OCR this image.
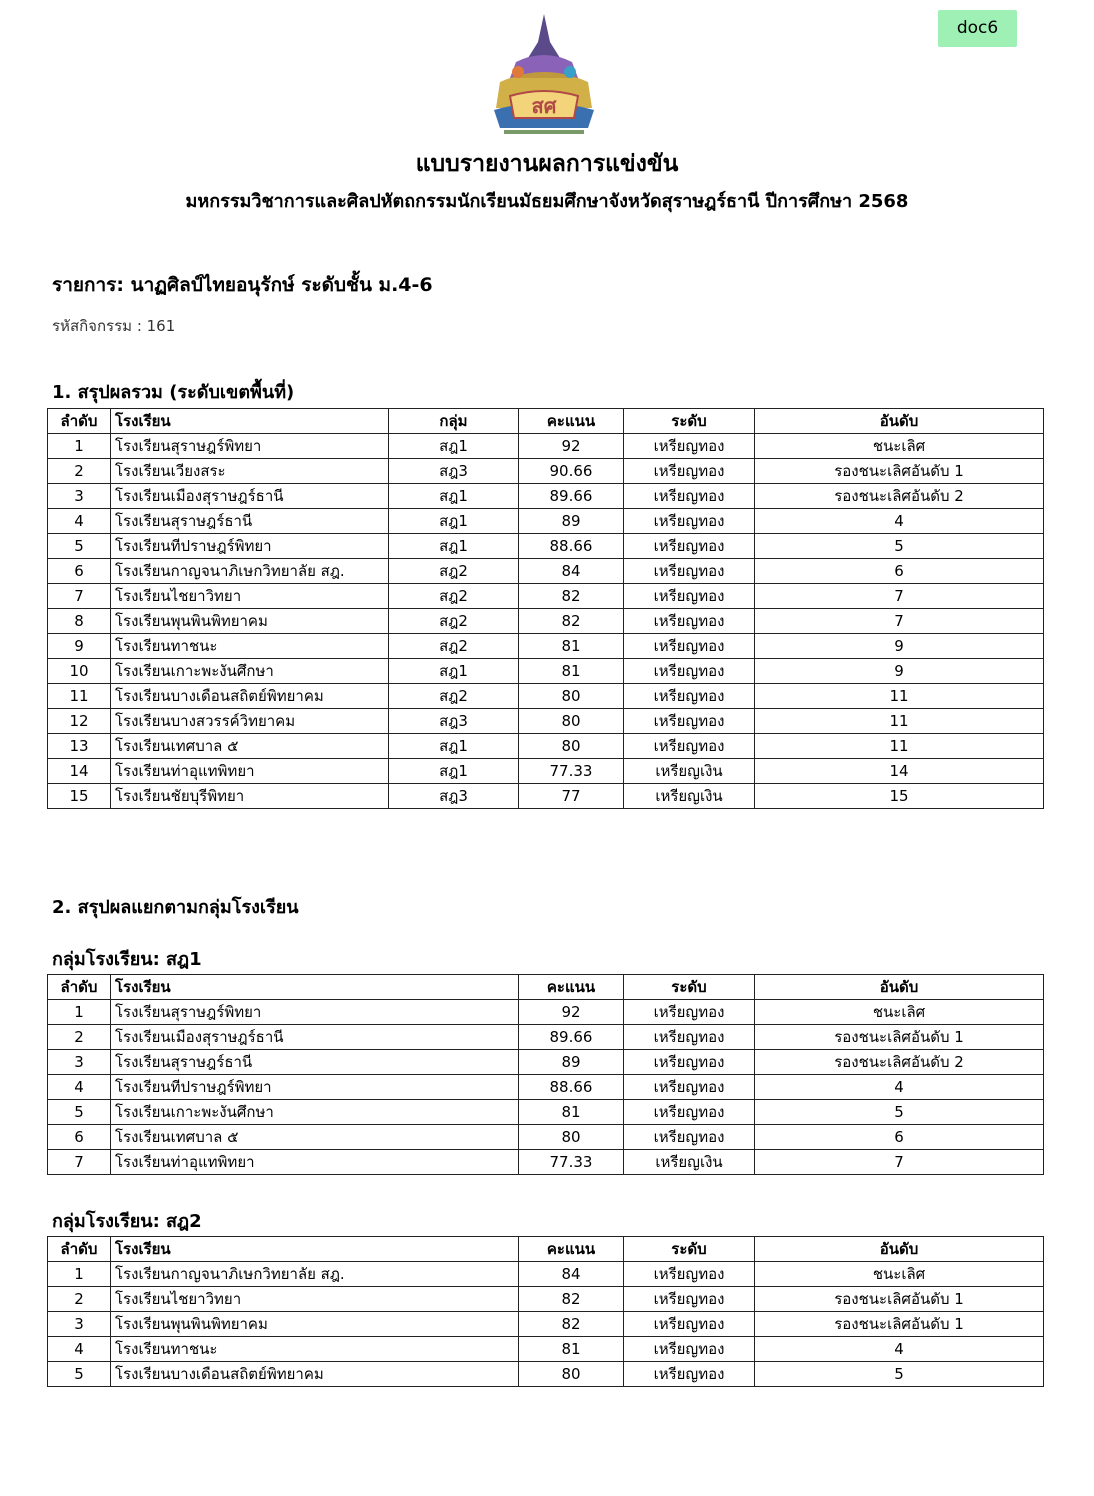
doc6
สศ
แบบรายงานผลการแข่งขัน
มหกรรมวิชาการและศิลปหัตถกรรมนักเรียนมัธยมศึกษาจังหวัดสุราษฎร์ธานี ปีการศึกษา 2568
รายการ: นาฏศิลป์ไทยอนุรักษ์ ระดับชั้น ม.4-6
รหัสกิจกรรม : 161
1. สรุปผลรวม (ระดับเขตพื้นที่)
ลำดับ	โรงเรียน	กลุ่ม	คะแนน	ระดับ	อันดับ
1	โรงเรียนสุราษฎร์พิทยา	สฎ1	92	เหรียญทอง	ชนะเลิศ
2	โรงเรียนเวียงสระ	สฎ3	90.66	เหรียญทอง	รองชนะเลิศอันดับ 1
3	โรงเรียนเมืองสุราษฎร์ธานี	สฎ1	89.66	เหรียญทอง	รองชนะเลิศอันดับ 2
4	โรงเรียนสุราษฎร์ธานี	สฎ1	89	เหรียญทอง	4
5	โรงเรียนทีปราษฎร์พิทยา	สฎ1	88.66	เหรียญทอง	5
6	โรงเรียนกาญจนาภิเษกวิทยาลัย สฎ.	สฎ2	84	เหรียญทอง	6
7	โรงเรียนไชยาวิทยา	สฎ2	82	เหรียญทอง	7
8	โรงเรียนพุนพินพิทยาคม	สฎ2	82	เหรียญทอง	7
9	โรงเรียนทาชนะ	สฎ2	81	เหรียญทอง	9
10	โรงเรียนเกาะพะงันศึกษา	สฎ1	81	เหรียญทอง	9
11	โรงเรียนบางเดือนสถิตย์พิทยาคม	สฎ2	80	เหรียญทอง	11
12	โรงเรียนบางสวรรค์วิทยาคม	สฎ3	80	เหรียญทอง	11
13	โรงเรียนเทศบาล ๕	สฎ1	80	เหรียญทอง	11
14	โรงเรียนท่าอุแทพิทยา	สฎ1	77.33	เหรียญเงิน	14
15	โรงเรียนชัยบุรีพิทยา	สฎ3	77	เหรียญเงิน	15
2. สรุปผลแยกตามกลุ่มโรงเรียน
กลุ่มโรงเรียน: สฎ1
ลำดับ	โรงเรียน	คะแนน	ระดับ	อันดับ
1	โรงเรียนสุราษฎร์พิทยา	92	เหรียญทอง	ชนะเลิศ
2	โรงเรียนเมืองสุราษฎร์ธานี	89.66	เหรียญทอง	รองชนะเลิศอันดับ 1
3	โรงเรียนสุราษฎร์ธานี	89	เหรียญทอง	รองชนะเลิศอันดับ 2
4	โรงเรียนทีปราษฎร์พิทยา	88.66	เหรียญทอง	4
5	โรงเรียนเกาะพะงันศึกษา	81	เหรียญทอง	5
6	โรงเรียนเทศบาล ๕	80	เหรียญทอง	6
7	โรงเรียนท่าอุแทพิทยา	77.33	เหรียญเงิน	7
กลุ่มโรงเรียน: สฎ2
ลำดับ	โรงเรียน	คะแนน	ระดับ	อันดับ
1	โรงเรียนกาญจนาภิเษกวิทยาลัย สฎ.	84	เหรียญทอง	ชนะเลิศ
2	โรงเรียนไชยาวิทยา	82	เหรียญทอง	รองชนะเลิศอันดับ 1
3	โรงเรียนพุนพินพิทยาคม	82	เหรียญทอง	รองชนะเลิศอันดับ 1
4	โรงเรียนทาชนะ	81	เหรียญทอง	4
5	โรงเรียนบางเดือนสถิตย์พิทยาคม	80	เหรียญทอง	5
